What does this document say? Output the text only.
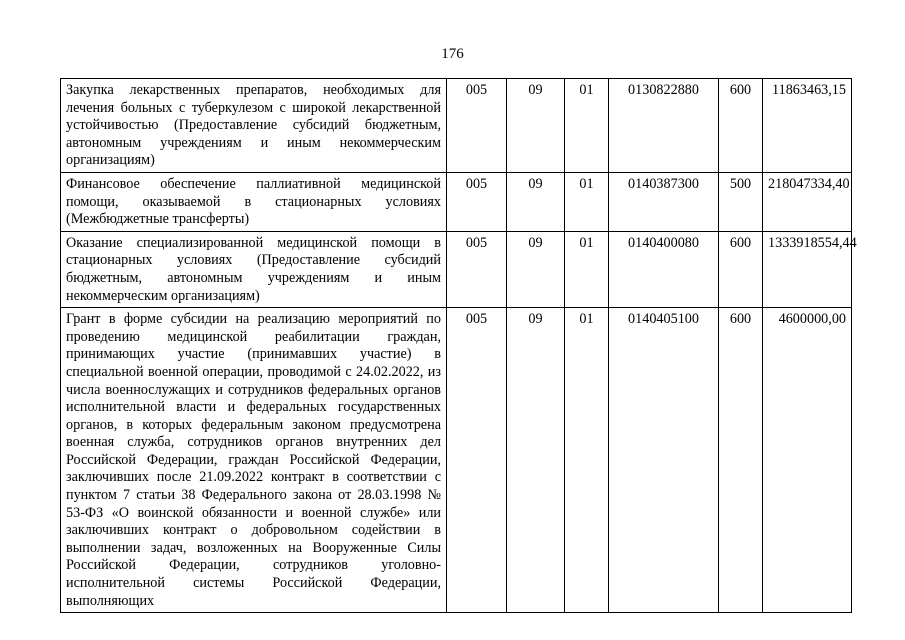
176
Закупка лекарственных препаратов, необходимых для лечения больных с туберкулезом с широкой лекарственной устойчивостью (Предоставление субсидий бюджетным, автономным учреждениям и иным некоммерческим организациям)	005	09	01	0130822880	600	11863463,15
Финансовое обеспечение паллиативной медицинской помощи, оказываемой в стационарных условиях (Межбюджетные трансферты)	005	09	01	0140387300	500	218047334,40
Оказание специализированной медицинской помощи в стационарных условиях (Предоставление субсидий бюджетным, автономным учреждениям и иным некоммерческим организациям)	005	09	01	0140400080	600	1333918554,44
Грант в форме субсидии на реализацию мероприятий по проведению медицинской реабилитации граждан, принимающих участие (принимавших участие) в специальной военной операции, проводимой с 24.02.2022, из числа военнослужащих и сотрудников федеральных органов исполнительной власти и федеральных государственных органов, в которых федеральным законом предусмотрена военная служба, сотрудников органов внутренних дел Российской Федерации, граждан Российской Федерации, заключивших после 21.09.2022 контракт в соответствии с пунктом 7 статьи 38 Федерального закона от 28.03.1998 № 53-ФЗ «О воинской обязанности и военной службе» или заключивших контракт о добровольном содействии в выполнении задач, возложенных на Вооруженные Силы Российской Федерации, сотрудников уголовно-исполнительной системы Российской Федерации, выполняющих	005	09	01	0140405100	600	4600000,00
